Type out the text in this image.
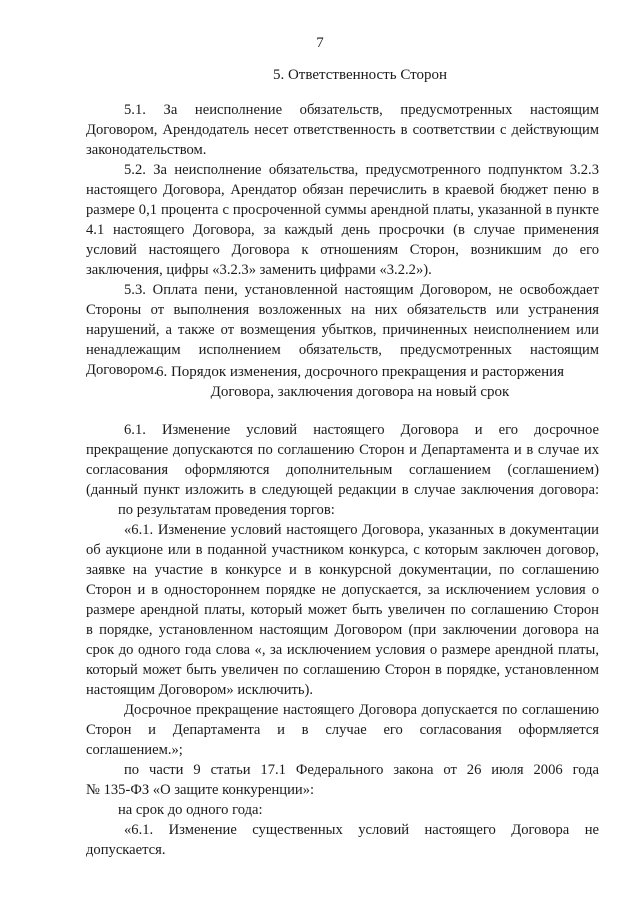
7
5. Ответственность Сторон
5.1. За неисполнение обязательств, предусмотренных настоящим
Договором, Арендодатель несет ответственность в соответствии с действующим
законодательством.
5.2. За неисполнение обязательства, предусмотренного подпунктом 3.2.3
настоящего Договора, Арендатор обязан перечислить в краевой бюджет пеню в
размере 0,1 процента с просроченной суммы арендной платы, указанной в пункте
4.1 настоящего Договора, за каждый день просрочки (в случае применения
условий настоящего Договора к отношениям Сторон, возникшим до его
заключения, цифры «3.2.3» заменить цифрами «3.2.2»).
5.3. Оплата пени, установленной настоящим Договором, не освобождает
Стороны от выполнения возложенных на них обязательств или устранения
нарушений, а также от возмещения убытков, причиненных неисполнением или
ненадлежащим исполнением обязательств, предусмотренных настоящим
Договором.
6. Порядок изменения, досрочного прекращения и расторжения
Договора, заключения договора на новый срок
6.1. Изменение условий настоящего Договора и его досрочное
прекращение допускаются по соглашению Сторон и Департамента и в случае их
согласования оформляются дополнительным соглашением (соглашением)
(данный пункт изложить в следующей редакции в случае заключения договора:
по результатам проведения торгов:
«6.1. Изменение условий настоящего Договора, указанных в документации
об аукционе или в поданной участником конкурса, с которым заключен договор,
заявке на участие в конкурсе и в конкурсной документации, по соглашению
Сторон и в одностороннем порядке не допускается, за исключением условия о
размере арендной платы, который может быть увеличен по соглашению Сторон
в порядке, установленном настоящим Договором (при заключении договора на
срок до одного года слова «, за исключением условия о размере арендной платы,
который может быть увеличен по соглашению Сторон в порядке, установленном
настоящим Договором» исключить).
Досрочное прекращение настоящего Договора допускается по соглашению
Сторон и Департамента и в случае его согласования оформляется
соглашением.»;
по части 9 статьи 17.1 Федерального закона от 26 июля 2006 года
№ 135-ФЗ «О защите конкуренции»:
на срок до одного года:
«6.1. Изменение существенных условий настоящего Договора не
допускается.
